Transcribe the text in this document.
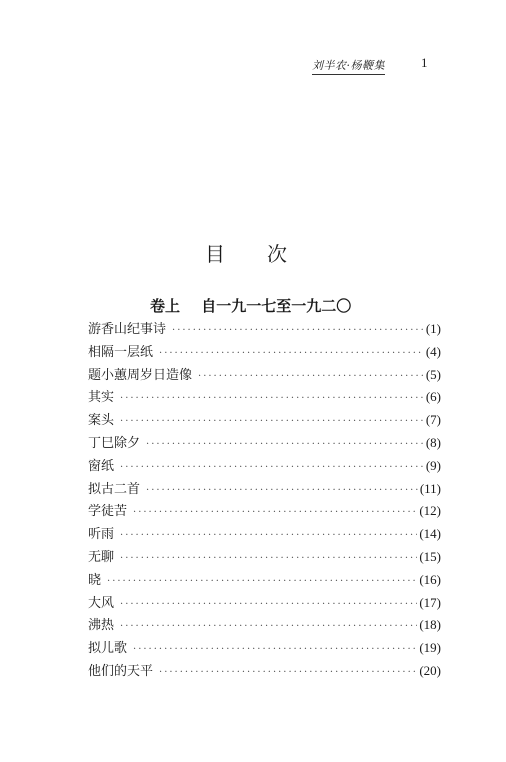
刘半农·杨鞭集	1
目次
卷上 自一九一七至一九二〇
游香山纪事诗 ·····	(1)
相隔一层纸 ·····	(4)
题小蕙周岁日造像 ·····	(5)
其实 ·····	(6)
案头 ·····	(7)
丁巳除夕 ·····	(8)
窗纸 ·····	(9)
拟古二首 ·····	(11)
学徒苦 ·····	(12)
听雨 ·····	(14)
无聊 ·····	(15)
晓 ·····	(16)
大风 ·····	(17)
沸热 ·····	(18)
拟儿歌 ·····	(19)
他们的天平 ·····	(20)
